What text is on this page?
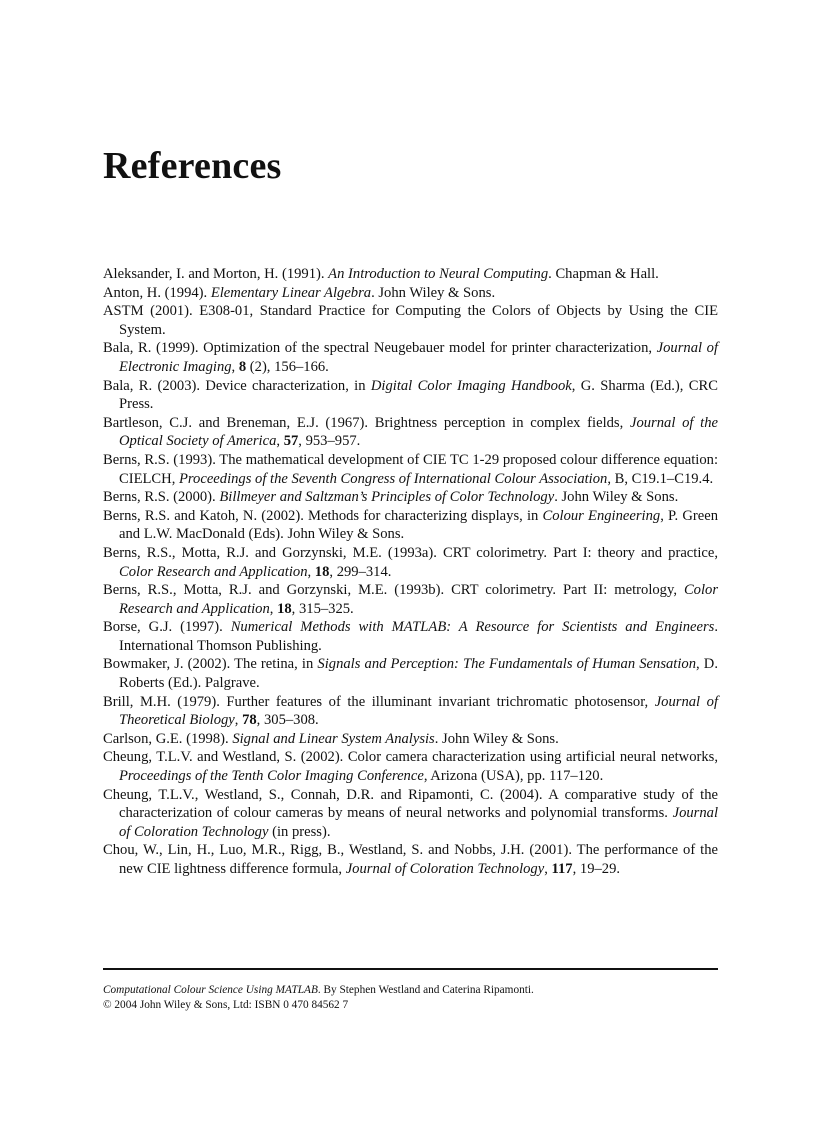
References

Aleksander, I. and Morton, H. (1991). An Introduction to Neural Computing. Chapman & Hall.

Anton, H. (1994). Elementary Linear Algebra. John Wiley & Sons.

ASTM (2001). E308-01, Standard Practice for Computing the Colors of Objects by Using the CIE System.

Bala, R. (1999). Optimization of the spectral Neugebauer model for printer characterization, Journal of Electronic Imaging, 8 (2), 156–166.

Bala, R. (2003). Device characterization, in Digital Color Imaging Handbook, G. Sharma (Ed.), CRC Press.

Bartleson, C.J. and Breneman, E.J. (1967). Brightness perception in complex fields, Journal of the Optical Society of America, 57, 953–957.

Berns, R.S. (1993). The mathematical development of CIE TC 1-29 proposed colour difference equation: CIELCH, Proceedings of the Seventh Congress of International Colour Association, B, C19.1–C19.4.

Berns, R.S. (2000). Billmeyer and Saltzman’s Principles of Color Technology. John Wiley & Sons.

Berns, R.S. and Katoh, N. (2002). Methods for characterizing displays, in Colour Engineering, P. Green and L.W. MacDonald (Eds). John Wiley & Sons.

Berns, R.S., Motta, R.J. and Gorzynski, M.E. (1993a). CRT colorimetry. Part I: theory and practice, Color Research and Application, 18, 299–314.

Berns, R.S., Motta, R.J. and Gorzynski, M.E. (1993b). CRT colorimetry. Part II: metrology, Color Research and Application, 18, 315–325.

Borse, G.J. (1997). Numerical Methods with MATLAB: A Resource for Scientists and Engineers. International Thomson Publishing.

Bowmaker, J. (2002). The retina, in Signals and Perception: The Fundamentals of Human Sensation, D. Roberts (Ed.). Palgrave.

Brill, M.H. (1979). Further features of the illuminant invariant trichromatic photosensor, Journal of Theoretical Biology, 78, 305–308.

Carlson, G.E. (1998). Signal and Linear System Analysis. John Wiley & Sons.

Cheung, T.L.V. and Westland, S. (2002). Color camera characterization using artificial neural networks, Proceedings of the Tenth Color Imaging Conference, Arizona (USA), pp. 117–120.

Cheung, T.L.V., Westland, S., Connah, D.R. and Ripamonti, C. (2004). A comparative study of the characterization of colour cameras by means of neural networks and polynomial transforms. Journal of Coloration Technology (in press).

Chou, W., Lin, H., Luo, M.R., Rigg, B., Westland, S. and Nobbs, J.H. (2001). The performance of the new CIE lightness difference formula, Journal of Coloration Technology, 117, 19–29.

Computational Colour Science Using MATLAB. By Stephen Westland and Caterina Ripamonti.
© 2004 John Wiley & Sons, Ltd: ISBN 0 470 84562 7
